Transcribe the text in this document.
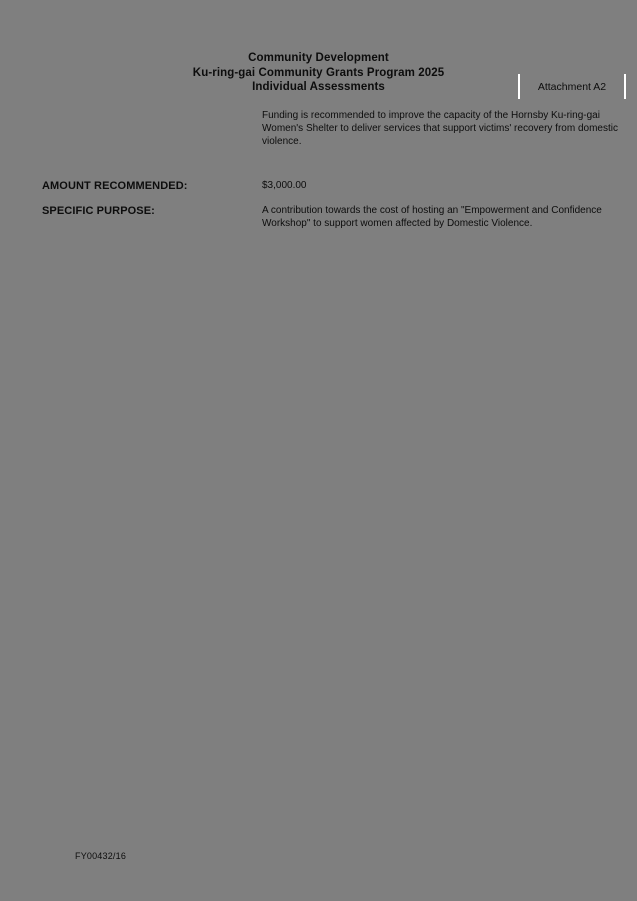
Community Development
Ku-ring-gai Community Grants Program 2025
Individual Assessments	Attachment A2
Funding is recommended to improve the capacity of the Hornsby Ku-ring-gai Women's Shelter to deliver services that support victims' recovery from domestic violence.
AMOUNT RECOMMENDED:	$3,000.00
SPECIFIC PURPOSE:	A contribution towards the cost of hosting an "Empowerment and Confidence Workshop" to support women affected by Domestic Violence.
FY00432/16
